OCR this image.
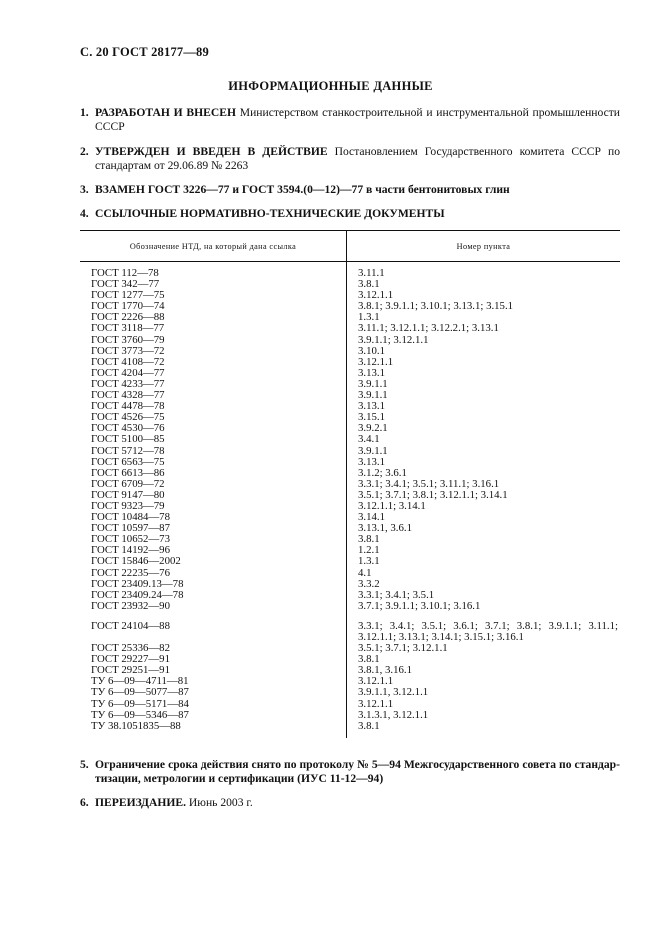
С. 20 ГОСТ 28177—89
ИНФОРМАЦИОННЫЕ ДАННЫЕ
1. РАЗРАБОТАН И ВНЕСЕН Министерством станкостроительной и инструментальной промышленности СССР
2. УТВЕРЖДЕН И ВВЕДЕН В ДЕЙСТВИЕ Постановлением Государственного комитета СССР по стандартам от 29.06.89 № 2263
3. ВЗАМЕН ГОСТ 3226—77 и ГОСТ 3594.(0—12)—77 в части бентонитовых глин
4. ССЫЛОЧНЫЕ НОРМАТИВНО-ТЕХНИЧЕСКИЕ ДОКУМЕНТЫ
Обозначение НТД, на который дана ссылка	Номер пункта
ГОСТ 112—78	3.11.1
ГОСТ 342—77	3.8.1
ГОСТ 1277—75	3.12.1.1
ГОСТ 1770—74	3.8.1; 3.9.1.1; 3.10.1; 3.13.1; 3.15.1
ГОСТ 2226—88	1.3.1
ГОСТ 3118—77	3.11.1; 3.12.1.1; 3.12.2.1; 3.13.1
ГОСТ 3760—79	3.9.1.1; 3.12.1.1
ГОСТ 3773—72	3.10.1
ГОСТ 4108—72	3.12.1.1
ГОСТ 4204—77	3.13.1
ГОСТ 4233—77	3.9.1.1
ГОСТ 4328—77	3.9.1.1
ГОСТ 4478—78	3.13.1
ГОСТ 4526—75	3.15.1
ГОСТ 4530—76	3.9.2.1
ГОСТ 5100—85	3.4.1
ГОСТ 5712—78	3.9.1.1
ГОСТ 6563—75	3.13.1
ГОСТ 6613—86	3.1.2; 3.6.1
ГОСТ 6709—72	3.3.1; 3.4.1; 3.5.1; 3.11.1; 3.16.1
ГОСТ 9147—80	3.5.1; 3.7.1; 3.8.1; 3.12.1.1; 3.14.1
ГОСТ 9323—79	3.12.1.1; 3.14.1
ГОСТ 10484—78	3.14.1
ГОСТ 10597—87	3.13.1, 3.6.1
ГОСТ 10652—73	3.8.1
ГОСТ 14192—96	1.2.1
ГОСТ 15846—2002	1.3.1
ГОСТ 22235—76	4.1
ГОСТ 23409.13—78	3.3.2
ГОСТ 23409.24—78	3.3.1; 3.4.1; 3.5.1
ГОСТ 23932—90	3.7.1; 3.9.1.1; 3.10.1; 3.16.1
ГОСТ 24104—88	3.3.1; 3.4.1; 3.5.1; 3.6.1; 3.7.1; 3.8.1; 3.9.1.1; 3.11.1; 3.12.1.1; 3.13.1; 3.14.1; 3.15.1; 3.16.1
ГОСТ 25336—82	3.5.1; 3.7.1; 3.12.1.1
ГОСТ 29227—91	3.8.1
ГОСТ 29251—91	3.8.1, 3.16.1
ТУ 6—09—4711—81	3.12.1.1
ТУ 6—09—5077—87	3.9.1.1, 3.12.1.1
ТУ 6—09—5171—84	3.12.1.1
ТУ 6—09—5346—87	3.1.3.1, 3.12.1.1
ТУ 38.1051835—88	3.8.1
5. Ограничение срока действия снято по протоколу № 5—94 Межгосударственного совета по стандартизации, метрологии и сертификации (ИУС 11-12—94)
6. ПЕРЕИЗДАНИЕ. Июнь 2003 г.
